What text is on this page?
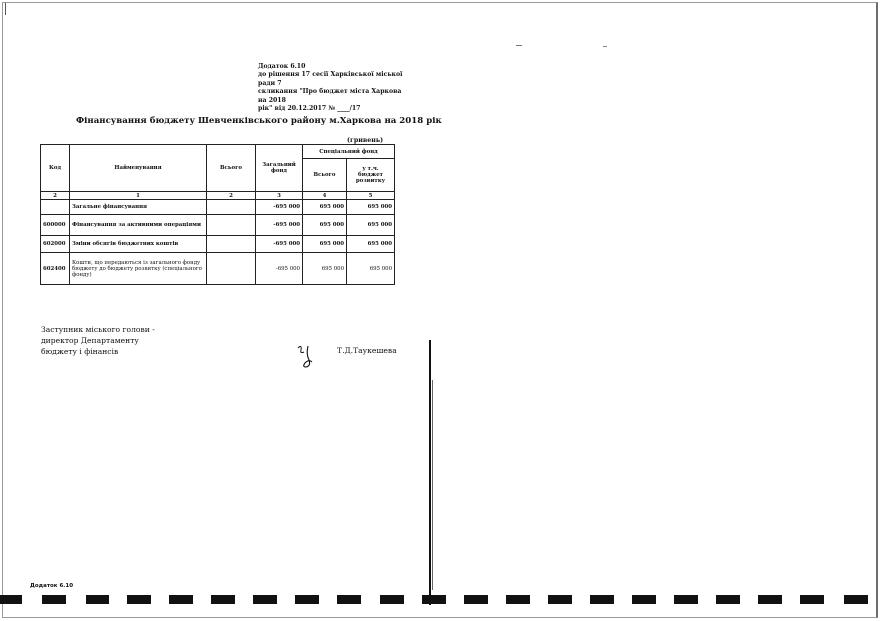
Додаток 6.10
до рішення 17 сесії Харківської міської ради 7
скликання "Про бюджет міста Харкова на 2018
рік" від 20.12.2017 № ____/17
Фінансування бюджету Шевченківського району м.Харкова на 2018 рік
(гривень)
Код	Найменування	Всього	Загальний фонд	Спеціальний фонд	
				Всього	у т.ч. бюджет розвитку
2	1	2	3	4	5
	Загальне фінансування		-695 000	695 000	695 000
600000	Фінансування за активними операціями		-695 000	695 000	695 000
602000	Зміни обсягів бюджетних коштів		-695 000	695 000	695 000
602400	Кошти, що передаються із загального фонду бюджету до бюджету розвитку (спеціального фонду)		-695 000	695 000	695 000
Заступник міського голови -
директор Департаменту
бюджету і фінансів	Т.Д.Таукешева
Додаток 6.10
